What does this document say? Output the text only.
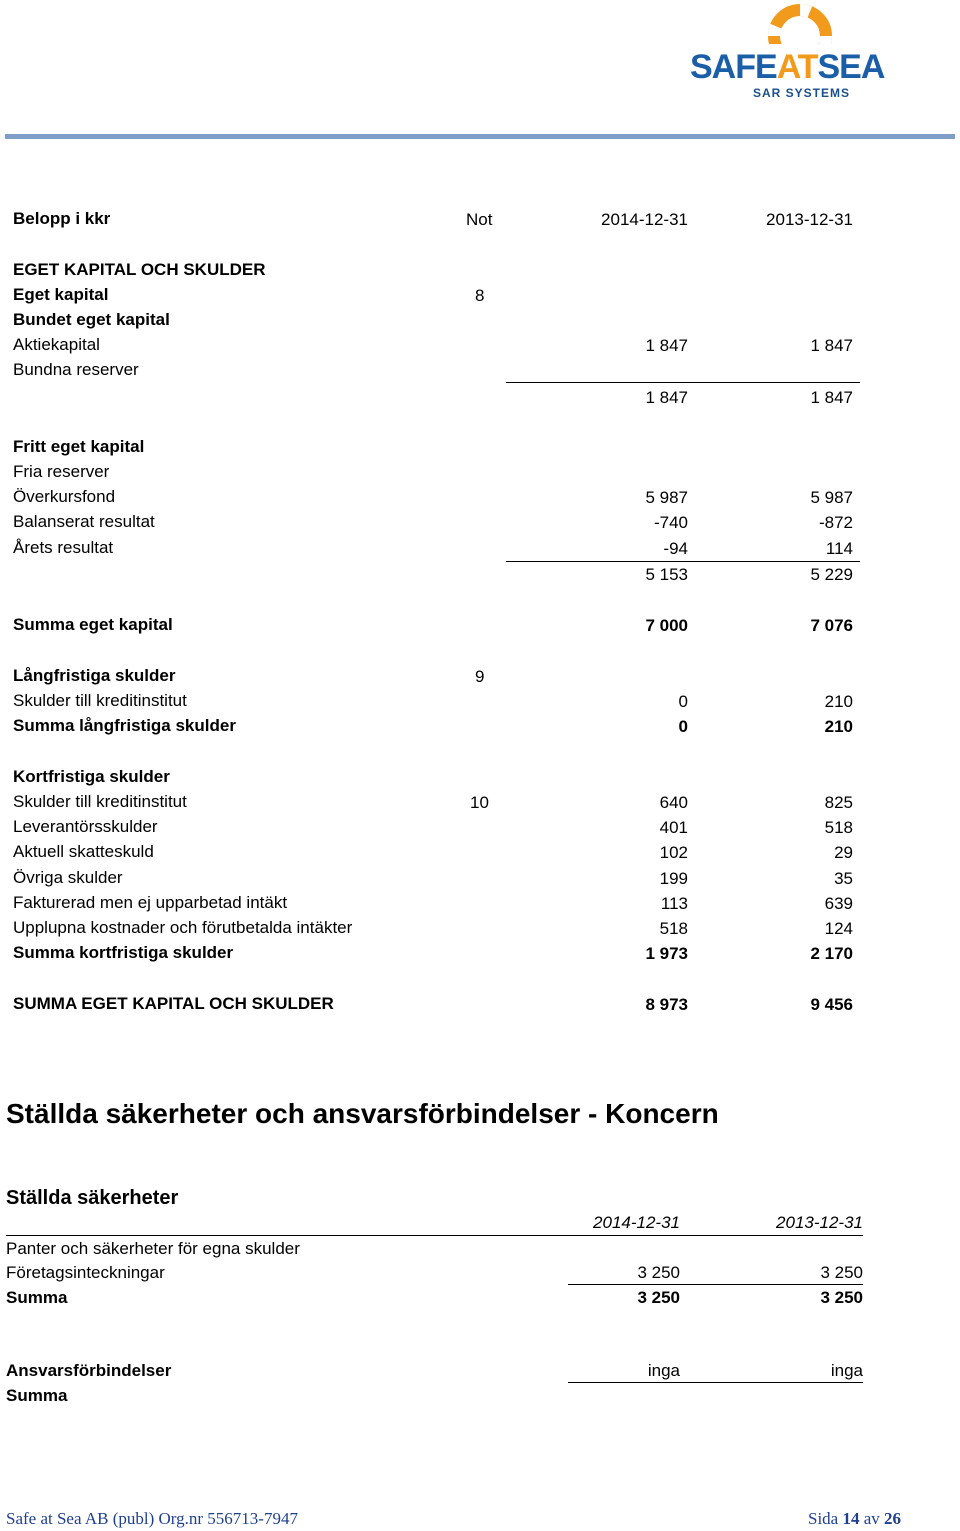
SAFEATSEA
SAR SYSTEMS
Belopp i kkr	Not	2014-12-31	2013-12-31
EGET KAPITAL OCH SKULDER
Eget kapital	8
Bundet eget kapital
Aktiekapital	1 847	1 847
Bundna reserver
1 847	1 847
Fritt eget kapital
Fria reserver
Överkursfond	5 987	5 987
Balanserat resultat	-740	-872
Årets resultat	-94	114
5 153	5 229
Summa eget kapital	7 000	7 076
Långfristiga skulder	9
Skulder till kreditinstitut	0	210
Summa långfristiga skulder	0	210
Kortfristiga skulder
Skulder till kreditinstitut	10	640	825
Leverantörsskulder	401	518
Aktuell skatteskuld	102	29
Övriga skulder	199	35
Fakturerad men ej upparbetad intäkt	113	639
Upplupna kostnader och förutbetalda intäkter	518	124
Summa kortfristiga skulder	1 973	2 170
SUMMA EGET KAPITAL OCH SKULDER	8 973	9 456
Ställda säkerheter och ansvarsförbindelser - Koncern
Ställda säkerheter
2014-12-31	2013-12-31
Panter och säkerheter för egna skulder
Företagsinteckningar	3 250	3 250
Summa	3 250	3 250
Ansvarsförbindelser	inga	inga
Summa
Safe at Sea AB (publ) Org.nr 556713-7947	Sida 14 av 26
